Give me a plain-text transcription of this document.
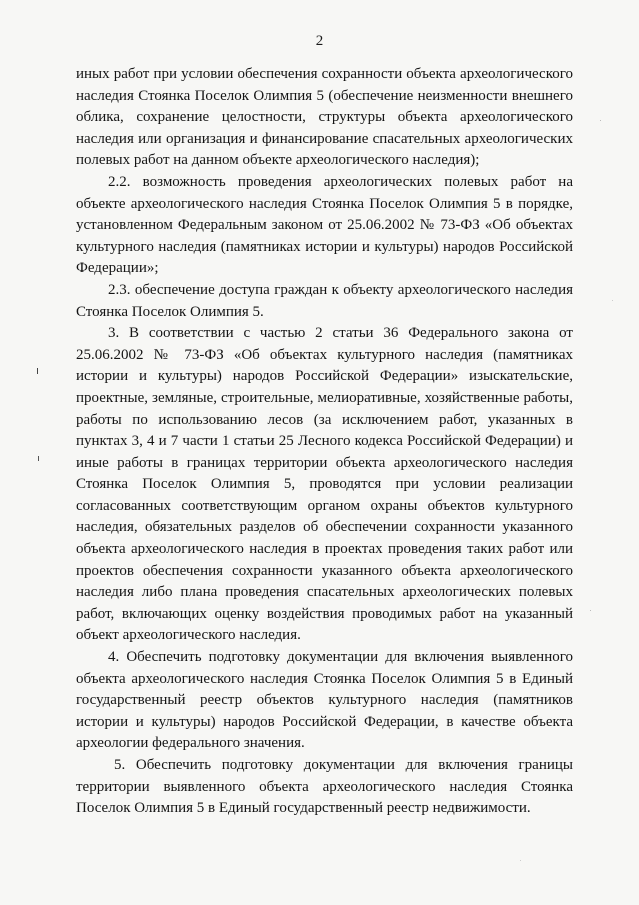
2

иных работ при условии обеспечения сохранности объекта археологического наследия Стоянка Поселок Олимпия 5 (обеспечение неизменности внешнего облика, сохранение целостности, структуры объекта археологического наследия или организация и финансирование спасательных археологических полевых работ на данном объекте археологического наследия);

2.2. возможность проведения археологических полевых работ на объекте археологического наследия Стоянка Поселок Олимпия 5 в порядке, установленном Федеральным законом от 25.06.2002 № 73-ФЗ «Об объектах культурного наследия (памятниках истории и культуры) народов Российской Федерации»;

2.3. обеспечение доступа граждан к объекту археологического наследия Стоянка Поселок Олимпия 5.

3. В соответствии с частью 2 статьи 36 Федерального закона от 25.06.2002 № 73-ФЗ «Об объектах культурного наследия (памятниках истории и культуры) народов Российской Федерации» изыскательские, проектные, земляные, строительные, мелиоративные, хозяйственные работы, работы по использованию лесов (за исключением работ, указанных в пунктах 3, 4 и 7 части 1 статьи 25 Лесного кодекса Российской Федерации) и иные работы в границах территории объекта археологического наследия Стоянка Поселок Олимпия 5, проводятся при условии реализации согласованных соответствующим органом охраны объектов культурного наследия, обязательных разделов об обеспечении сохранности указанного объекта археологического наследия в проектах проведения таких работ или проектов обеспечения сохранности указанного объекта археологического наследия либо плана проведения спасательных археологических полевых работ, включающих оценку воздействия проводимых работ на указанный объект археологического наследия.

4. Обеспечить подготовку документации для включения выявленного объекта археологического наследия Стоянка Поселок Олимпия 5 в Единый государственный реестр объектов культурного наследия (памятников истории и культуры) народов Российской Федерации, в качестве объекта археологии федерального значения.

5. Обеспечить подготовку документации для включения границы территории выявленного объекта археологического наследия Стоянка Поселок Олимпия 5 в Единый государственный реестр недвижимости.
